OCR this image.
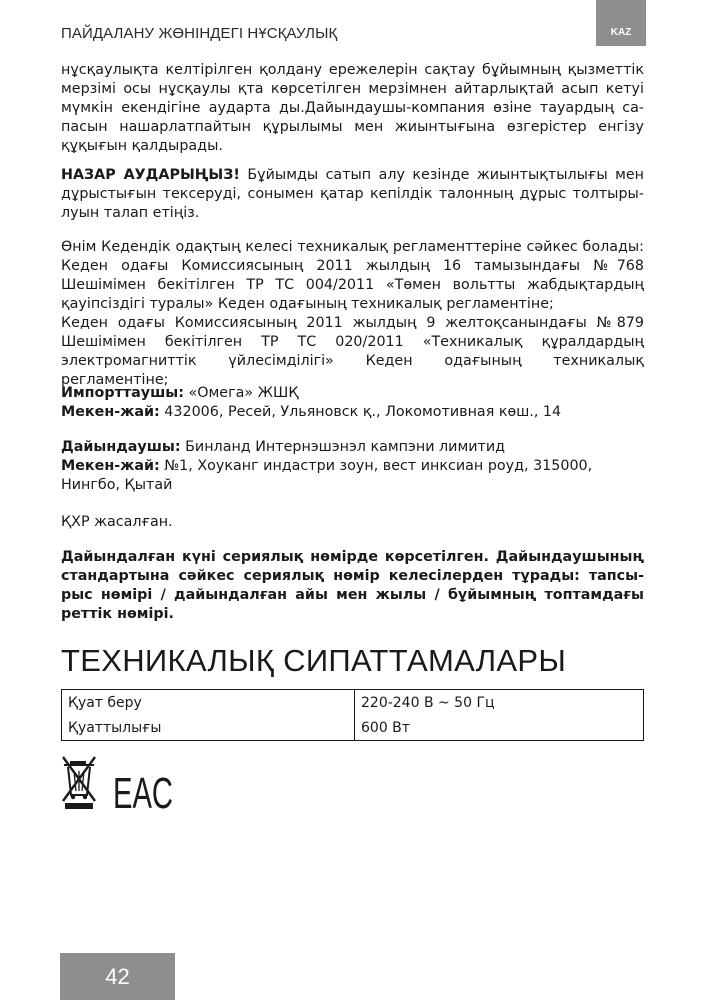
ПАЙДАЛАНУ ЖӨНІНДЕГІ НҰСҚАУЛЫҚ	KAZ
нұсқаулықта келтірілген қолдану ережелерін сақтау бұйымның қызметтік
мерзімі осы нұсқаулы қта көрсетілген мерзімнен айтарлықтай асып кетуі
мүмкін екендігіне аударта ды.Дайындаушы-компания өзіне тауардың са-
пасын нашарлатпайтын құрылымы мен жиынтығына өзгерістер енгізу
құқығын қалдырады.
НАЗАР АУДАРЫҢЫЗ! Бұйымды сатып алу кезінде жиынтықтылығы мен
дұрыстығын тексеруді, сонымен қатар кепілдік талонның дұрыс толтыры-
луын талап етіңіз.
Өнім Кедендік одақтың келесі техникалық регламенттеріне сәйкес болады:
Кеден одағы Комиссиясының 2011 жылдың 16 тамызындағы №768
Шешімімен бекітілген ТР ТС 004/2011 «Төмен вольтты жабдықтардың
қауіпсіздігі туралы» Кеден одағының техникалық регламентіне;
Кеден одағы Комиссиясының 2011 жылдың 9 желтоқсанындағы №879
Шешімімен бекітілген ТР ТС 020/2011 «Техникалық құралдардың
электромагниттік үйлесімділігі» Кеден одағының техникалық регламентіне;
Импорттаушы: «Омега» ЖШҚ
Мекен-жай: 432006, Ресей, Ульяновск қ., Локомотивная көш., 14
Дайындаушы: Бинланд Интернэшэнэл кампэни лимитид
Мекен-жай: №1, Хоуканг индастри зоун, вест инксиан роуд, 315000,
Нингбо, Қытай
ҚХР жасалған.
Дайындалған күні сериялық нөмірде көрсетілген. Дайындаушының
стандартына сәйкес сериялық нөмір келесілерден тұрады: тапсы-
рыс нөмірі / дайындалған айы мен жылы / бұйымның топтамдағы
реттік нөмірі.
ТЕХНИКАЛЫҚ СИПАТТАМАЛАРЫ
Қуат беру	220-240 В ~ 50 Гц
Қуаттылығы	600 Вт
EAC
42
